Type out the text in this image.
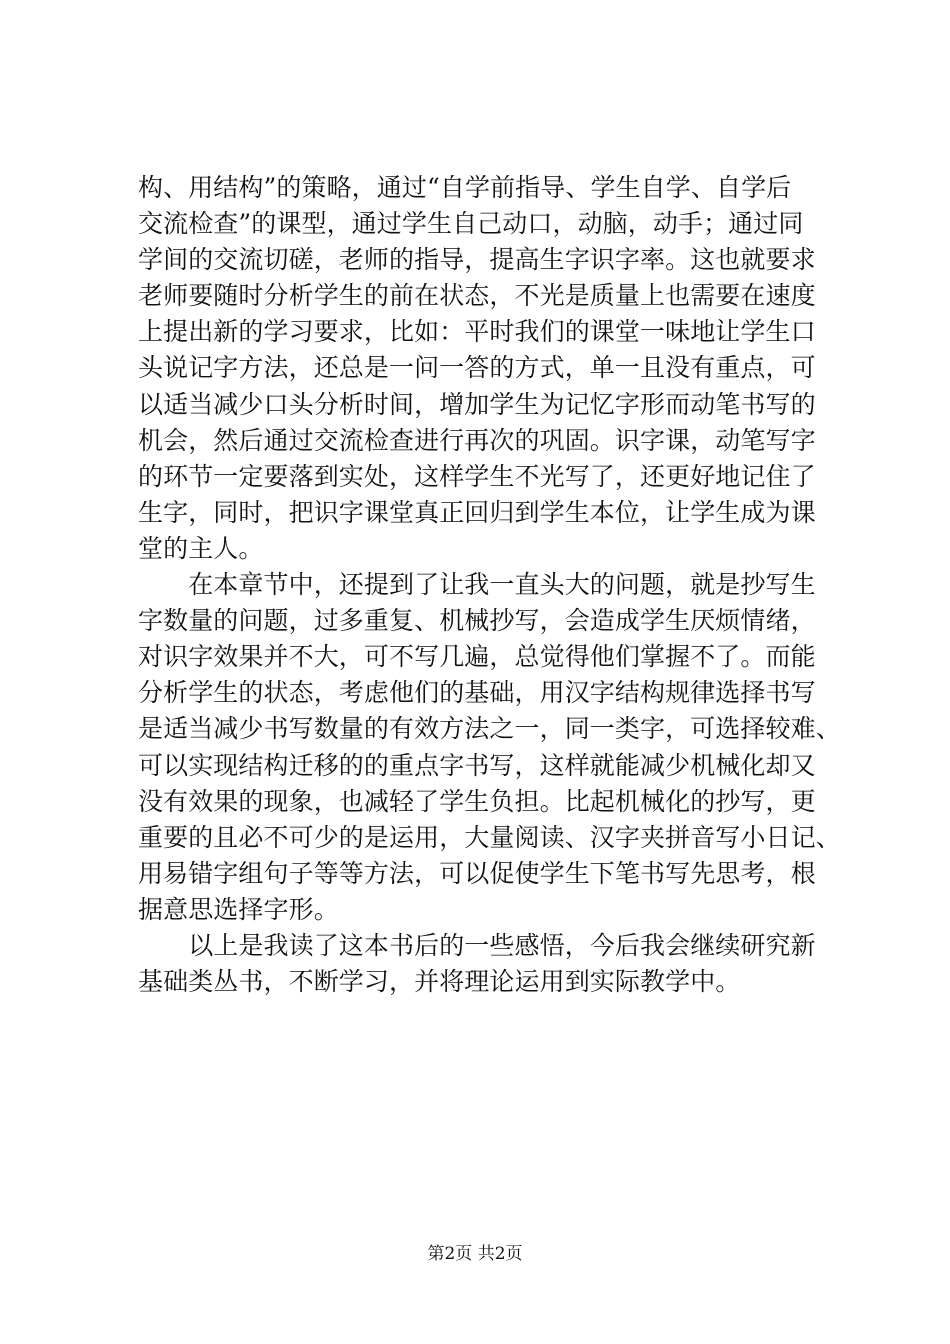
构、用结构”的策略，通过“自学前指导、学生自学、自学后
交流检查”的课型，通过学生自己动口，动脑，动手；通过同
学间的交流切磋，老师的指导，提高生字识字率。这也就要求
老师要随时分析学生的前在状态，不光是质量上也需要在速度
上提出新的学习要求，比如：平时我们的课堂一味地让学生口
头说记字方法，还总是一问一答的方式，单一且没有重点，可
以适当减少口头分析时间，增加学生为记忆字形而动笔书写的
机会，然后通过交流检查进行再次的巩固。识字课，动笔写字
的环节一定要落到实处，这样学生不光写了，还更好地记住了
生字，同时，把识字课堂真正回归到学生本位，让学生成为课
堂的主人。
　　在本章节中，还提到了让我一直头大的问题，就是抄写生
字数量的问题，过多重复、机械抄写，会造成学生厌烦情绪，
对识字效果并不大，可不写几遍，总觉得他们掌握不了。而能
分析学生的状态，考虑他们的基础，用汉字结构规律选择书写
是适当减少书写数量的有效方法之一，同一类字，可选择较难、
可以实现结构迁移的的重点字书写，这样就能减少机械化却又
没有效果的现象，也减轻了学生负担。比起机械化的抄写，更
重要的且必不可少的是运用，大量阅读、汉字夹拼音写小日记、
用易错字组句子等等方法，可以促使学生下笔书写先思考，根
据意思选择字形。
　　以上是我读了这本书后的一些感悟，今后我会继续研究新
基础类丛书，不断学习，并将理论运用到实际教学中。
第2页 共2页
